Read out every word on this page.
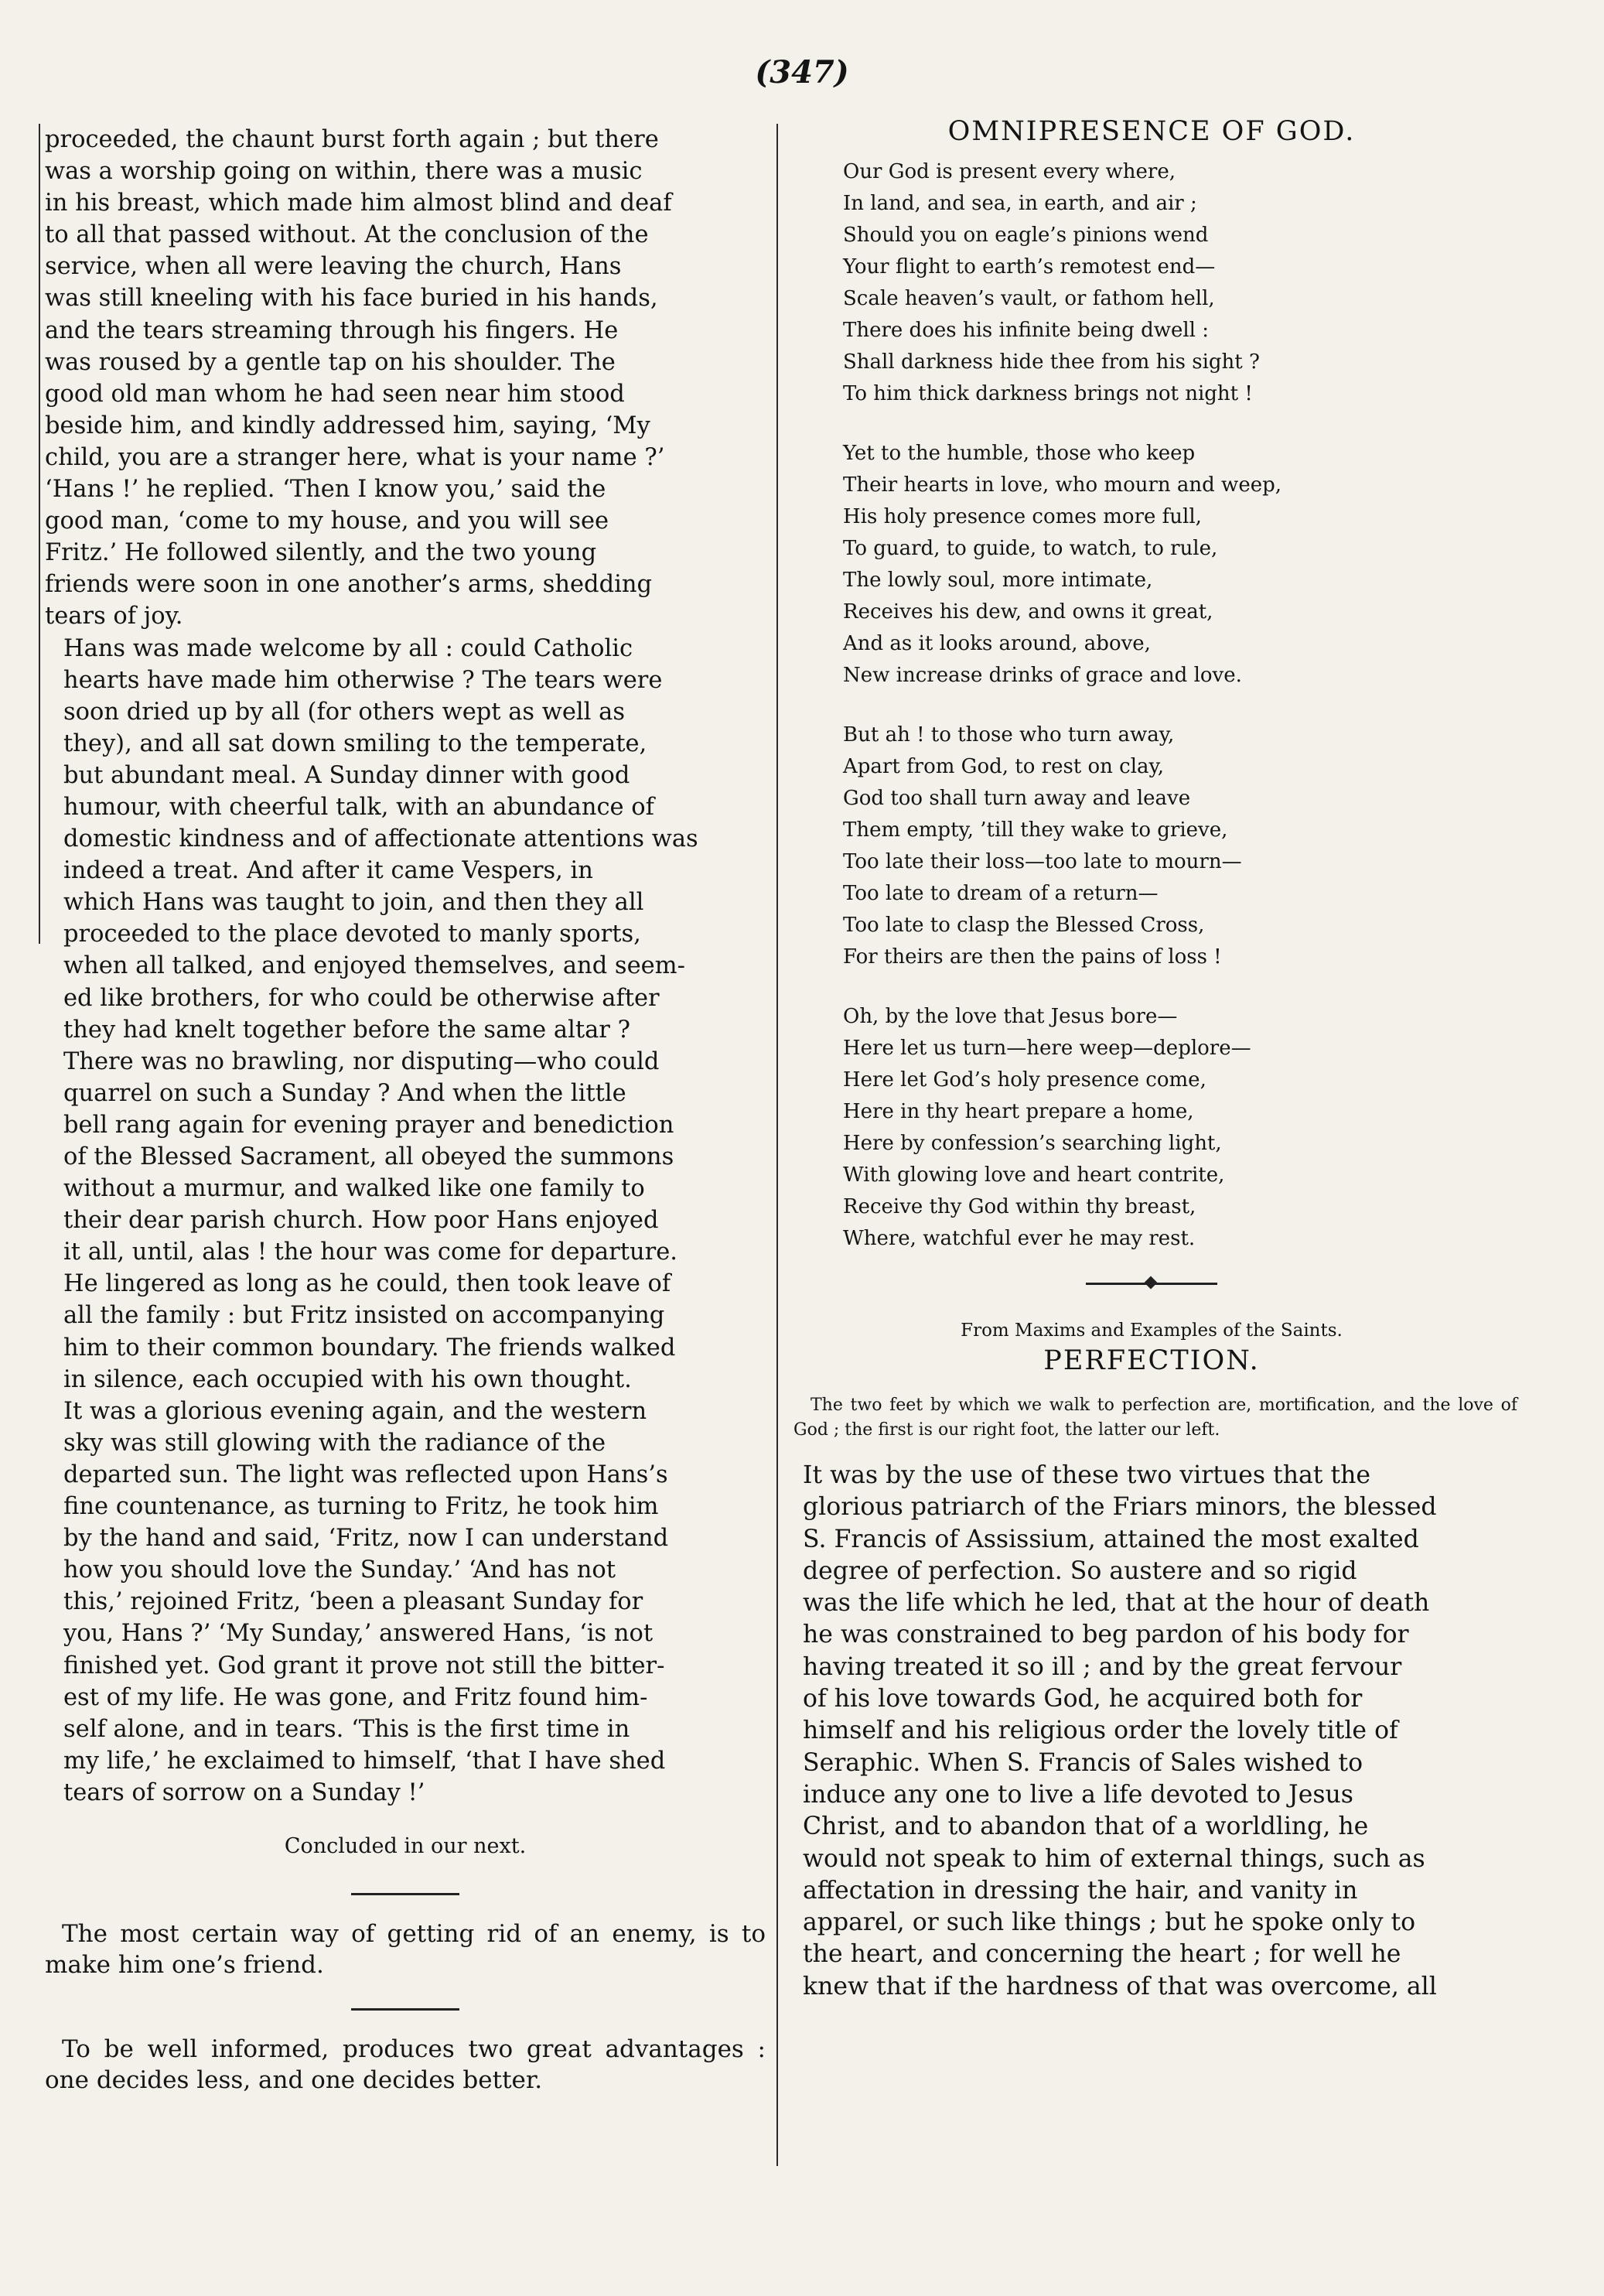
(347)

proceeded, the chaunt burst forth again ; but there
was a worship going on within, there was a music
in his breast, which made him almost blind and deaf
to all that passed without. At the conclusion of the
service, when all were leaving the church, Hans
was still kneeling with his face buried in his hands,
and the tears streaming through his fingers. He
was roused by a gentle tap on his shoulder. The
good old man whom he had seen near him stood
beside him, and kindly addressed him, saying, ‘My
child, you are a stranger here, what is your name ?’
‘Hans !’ he replied. ‘Then I know you,’ said the
good man, ‘come to my house, and you will see
Fritz.’ He followed silently, and the two young
friends were soon in one another’s arms, shedding
tears of joy.

Hans was made welcome by all : could Catholic
hearts have made him otherwise ? The tears were
soon dried up by all (for others wept as well as
they), and all sat down smiling to the temperate,
but abundant meal. A Sunday dinner with good
humour, with cheerful talk, with an abundance of
domestic kindness and of affectionate attentions was
indeed a treat. And after it came Vespers, in
which Hans was taught to join, and then they all
proceeded to the place devoted to manly sports,
when all talked, and enjoyed themselves, and seem-
ed like brothers, for who could be otherwise after
they had knelt together before the same altar ?
There was no brawling, nor disputing—who could
quarrel on such a Sunday ? And when the little
bell rang again for evening prayer and benediction
of the Blessed Sacrament, all obeyed the summons
without a murmur, and walked like one family to
their dear parish church. How poor Hans enjoyed
it all, until, alas ! the hour was come for departure.
He lingered as long as he could, then took leave of
all the family : but Fritz insisted on accompanying
him to their common boundary. The friends walked
in silence, each occupied with his own thought.
It was a glorious evening again, and the western
sky was still glowing with the radiance of the
departed sun. The light was reflected upon Hans’s
fine countenance, as turning to Fritz, he took him
by the hand and said, ‘Fritz, now I can understand
how you should love the Sunday.’ ‘And has not
this,’ rejoined Fritz, ‘been a pleasant Sunday for
you, Hans ?’ ‘My Sunday,’ answered Hans, ‘is not
finished yet. God grant it prove not still the bitter-
est of my life. He was gone, and Fritz found him-
self alone, and in tears. ‘This is the first time in
my life,’ he exclaimed to himself, ‘that I have shed
tears of sorrow on a Sunday !’

Concluded in our next.

The most certain way of getting rid of an enemy, is to make him one’s friend.

To be well informed, produces two great advantages : one decides less, and one decides better.

OMNIPRESENCE OF GOD.
Our God is present every where,
In land, and sea, in earth, and air ;
Should you on eagle’s pinions wend
Your flight to earth’s remotest end—
Scale heaven’s vault, or fathom hell,
There does his infinite being dwell :
Shall darkness hide thee from his sight ?
To him thick darkness brings not night !
Yet to the humble, those who keep
Their hearts in love, who mourn and weep,
His holy presence comes more full,
To guard, to guide, to watch, to rule,
The lowly soul, more intimate,
Receives his dew, and owns it great,
And as it looks around, above,
New increase drinks of grace and love.
But ah ! to those who turn away,
Apart from God, to rest on clay,
God too shall turn away and leave
Them empty, ’till they wake to grieve,
Too late their loss—too late to mourn—
Too late to dream of a return—
Too late to clasp the Blessed Cross,
For theirs are then the pains of loss !
Oh, by the love that Jesus bore—
Here let us turn—here weep—deplore—
Here let God’s holy presence come,
Here in thy heart prepare a home,
Here by confession’s searching light,
With glowing love and heart contrite,
Receive thy God within thy breast,
Where, watchful ever he may rest.

From Maxims and Examples of the Saints.

PERFECTION.

The two feet by which we walk to perfection are, mortification, and the love of God ; the first is our right foot, the latter our left.

It was by the use of these two virtues that the
glorious patriarch of the Friars minors, the blessed
S. Francis of Assissium, attained the most exalted
degree of perfection. So austere and so rigid
was the life which he led, that at the hour of death
he was constrained to beg pardon of his body for
having treated it so ill ; and by the great fervour
of his love towards God, he acquired both for
himself and his religious order the lovely title of
Seraphic. When S. Francis of Sales wished to
induce any one to live a life devoted to Jesus
Christ, and to abandon that of a worldling, he
would not speak to him of external things, such as
affectation in dressing the hair, and vanity in
apparel, or such like things ; but he spoke only to
the heart, and concerning the heart ; for well he
knew that if the hardness of that was overcome, all
